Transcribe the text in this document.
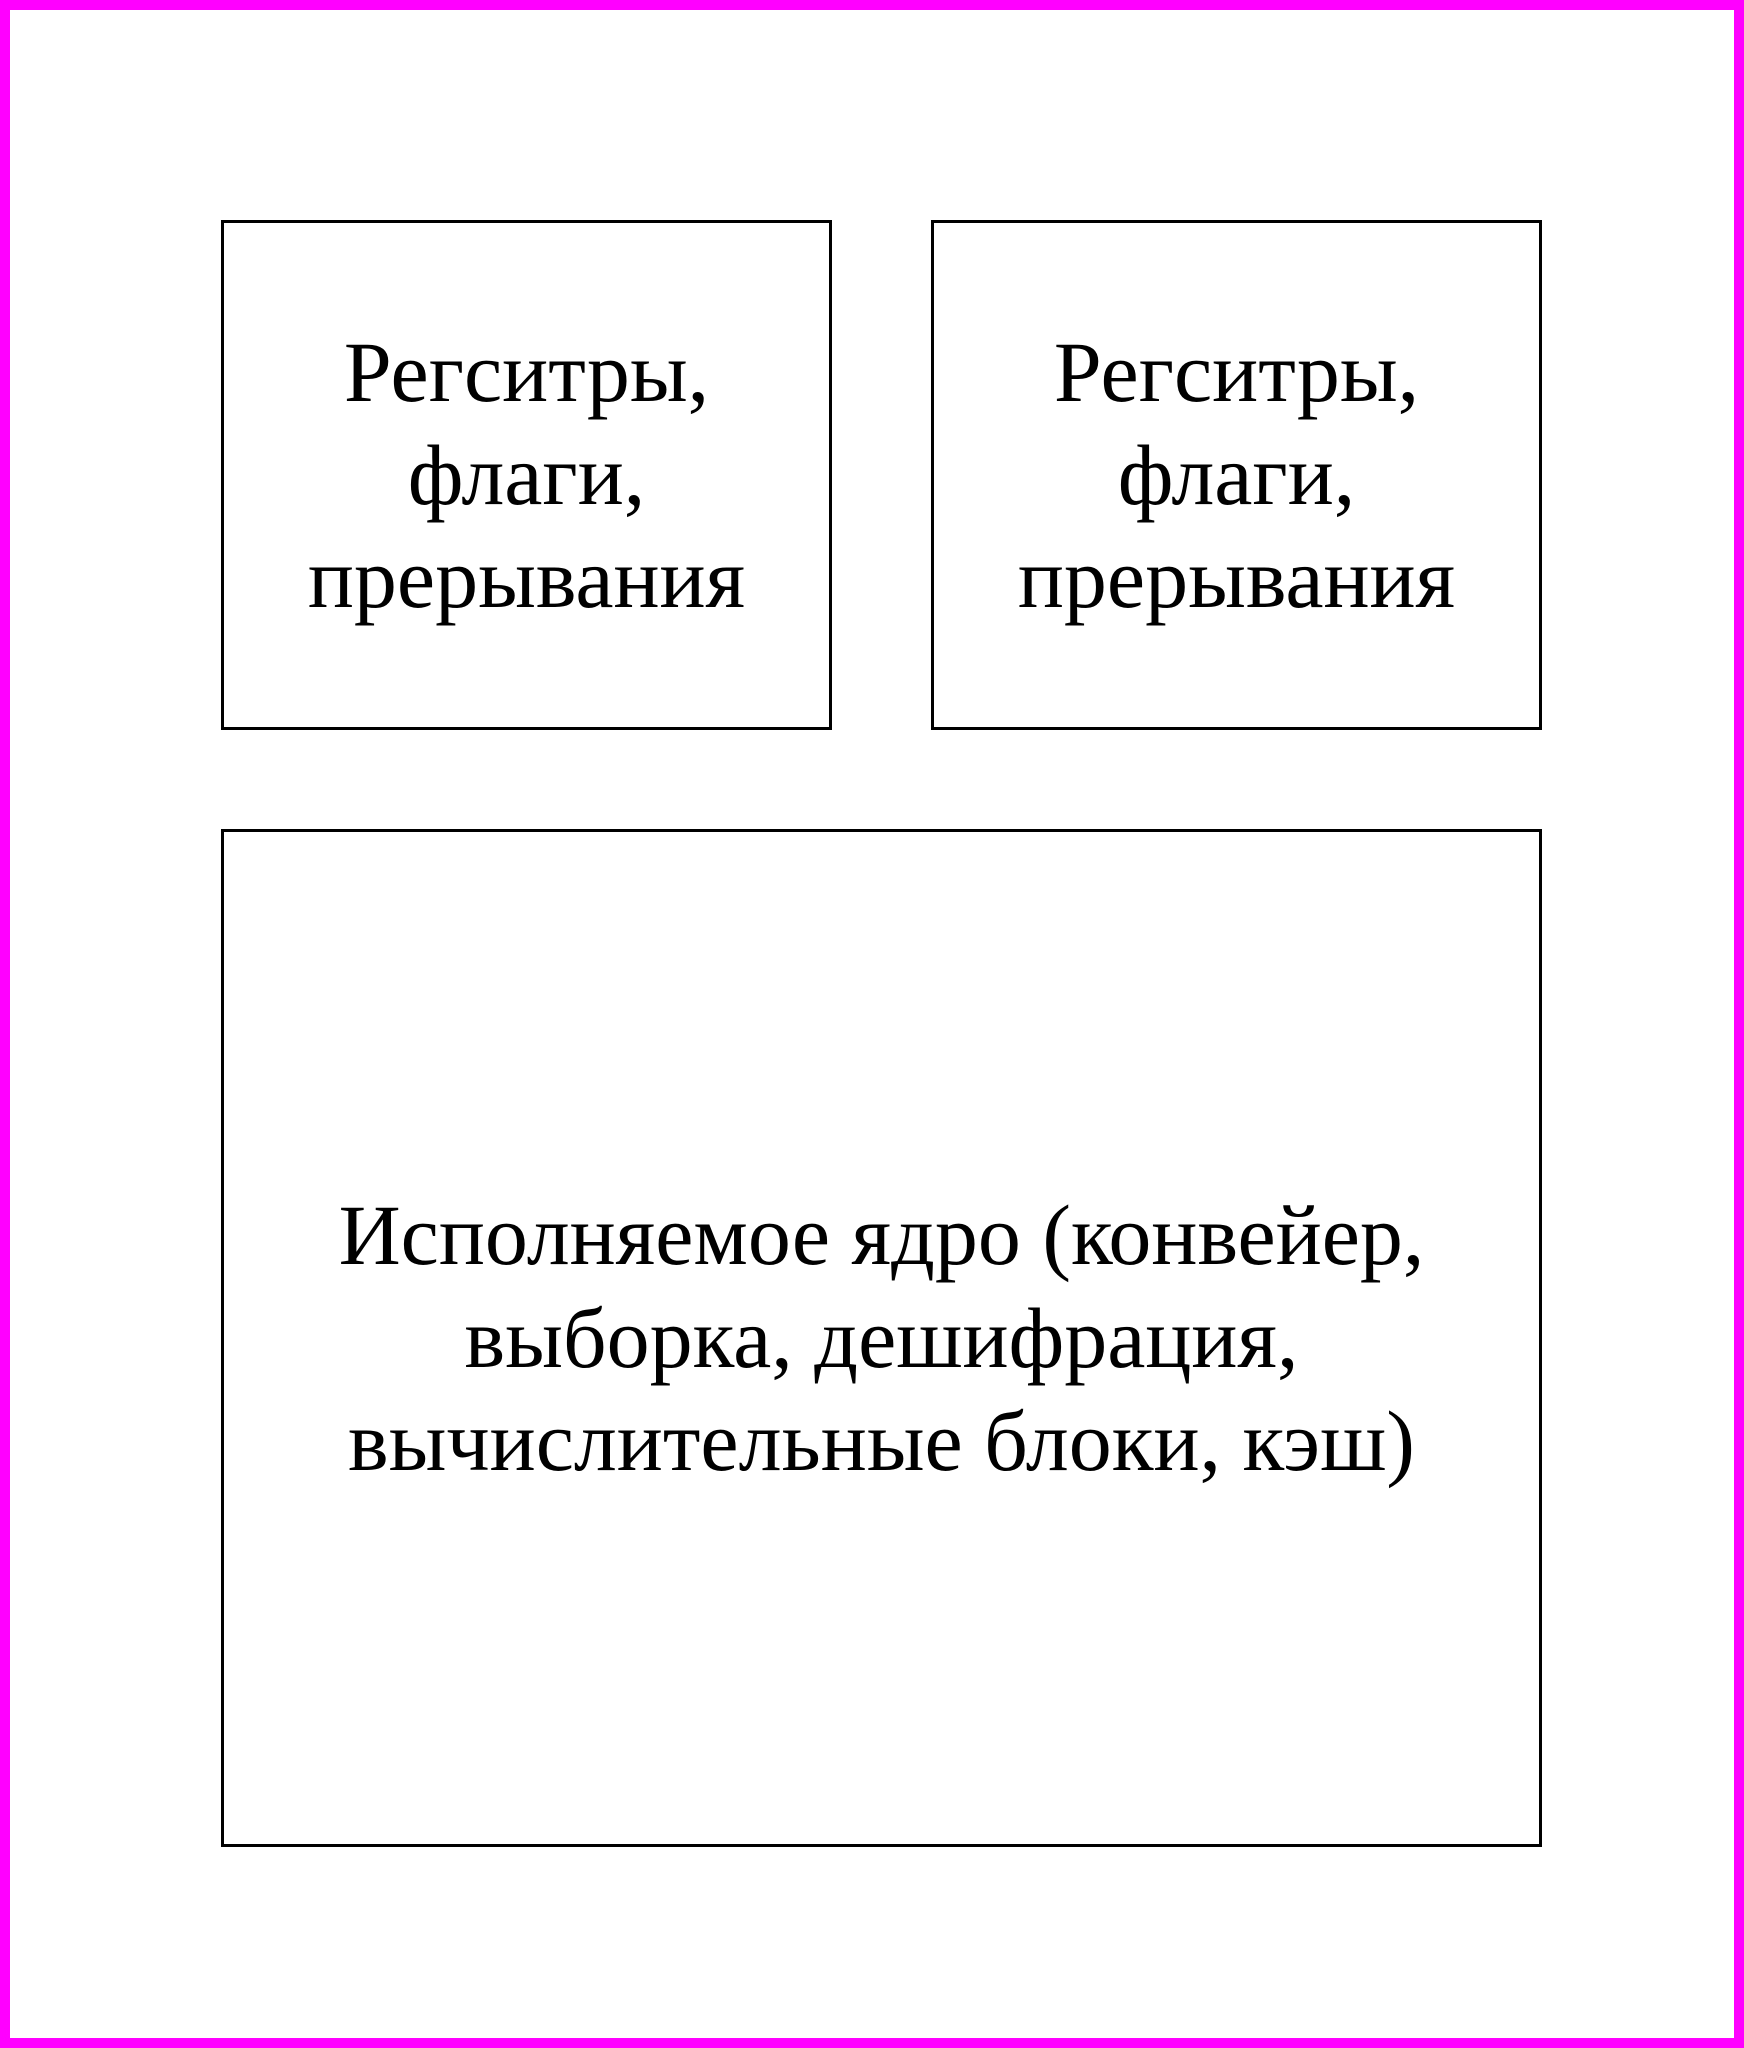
Регситры,
флаги,
прерывания
Регситры,
флаги,
прерывания
Исполняемое ядро (конвейер,
выборка, дешифрация,
вычислительные блоки, кэш)
